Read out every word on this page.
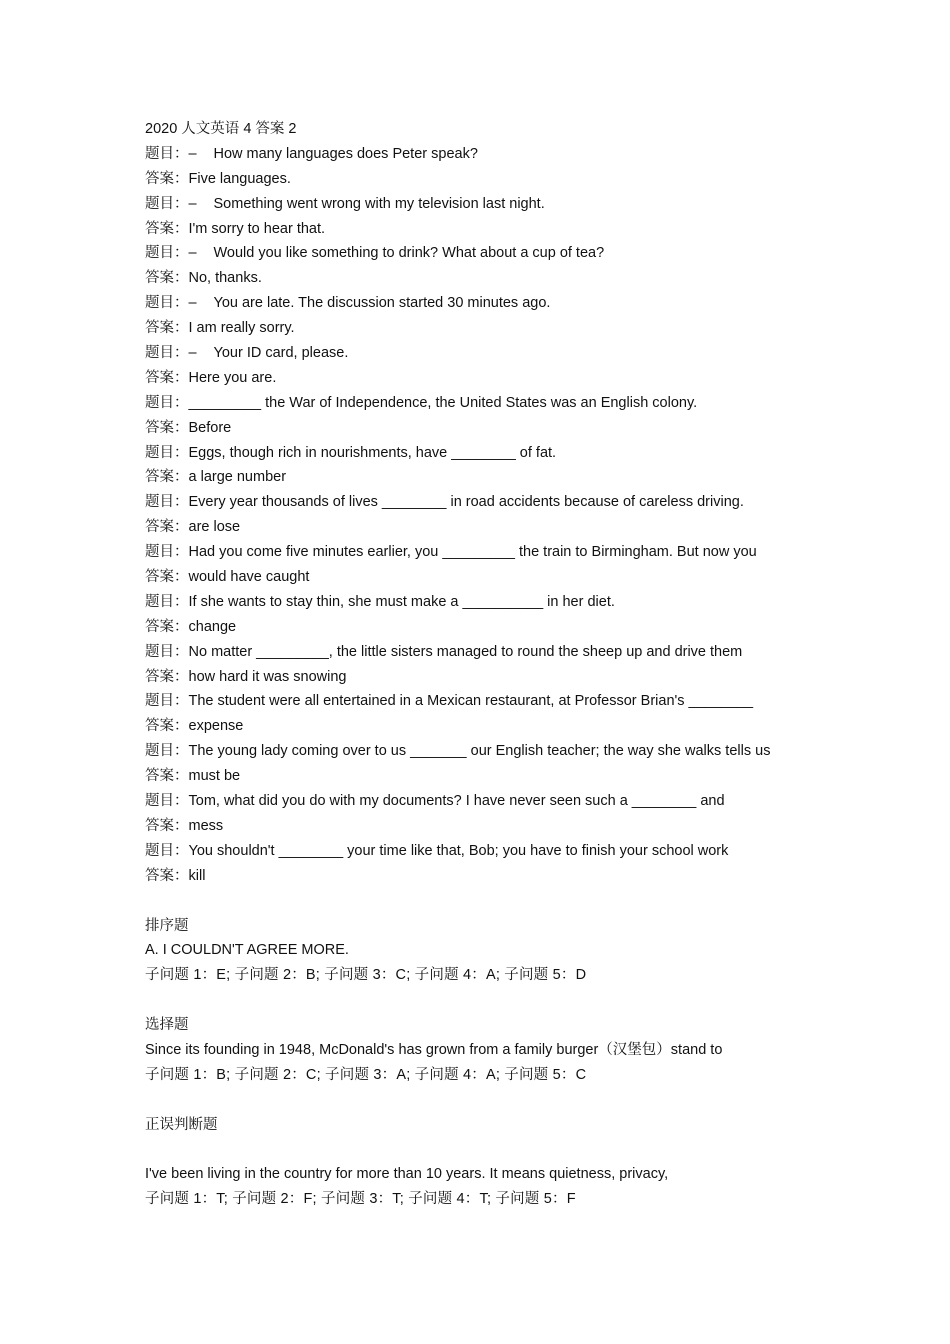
2020 人文英语 4 答案 2
题目：– How many languages does Peter speak?
答案：Five languages.
题目：– Something went wrong with my television last night.
答案：I'm sorry to hear that.
题目：– Would you like something to drink? What about a cup of tea?
答案：No, thanks.
题目：– You are late. The discussion started 30 minutes ago.
答案：I am really sorry.
题目：– Your ID card, please.
答案：Here you are.
题目：_________ the War of Independence, the United States was an English colony.
答案：Before
题目：Eggs, though rich in nourishments, have ________ of fat.
答案：a large number
题目：Every year thousands of lives ________ in road accidents because of careless driving.
答案：are lose
题目：Had you come five minutes earlier, you _________ the train to Birmingham. But now you
答案：would have caught
题目：If she wants to stay thin, she must make a __________ in her diet.
答案：change
题目：No matter _________, the little sisters managed to round the sheep up and drive them
答案：how hard it was snowing
题目：The student were all entertained in a Mexican restaurant, at Professor Brian's ________
答案：expense
题目：The young lady coming over to us _______ our English teacher; the way she walks tells us
答案：must be
题目：Tom, what did you do with my documents? I have never seen such a ________ and
答案：mess
题目：You shouldn't ________ your time like that, Bob; you have to finish your school work
答案：kill
排序题
A. I COULDN'T AGREE MORE.
子问题 1：E; 子问题 2：B; 子问题 3：C; 子问题 4：A; 子问题 5：D
选择题
Since its founding in 1948, McDonald's has grown from a family burger（汉堡包）stand to
子问题 1：B; 子问题 2：C; 子问题 3：A; 子问题 4：A; 子问题 5：C
正误判断题
I've been living in the country for more than 10 years. It means quietness, privacy,
子问题 1：T; 子问题 2：F; 子问题 3：T; 子问题 4：T; 子问题 5：F
